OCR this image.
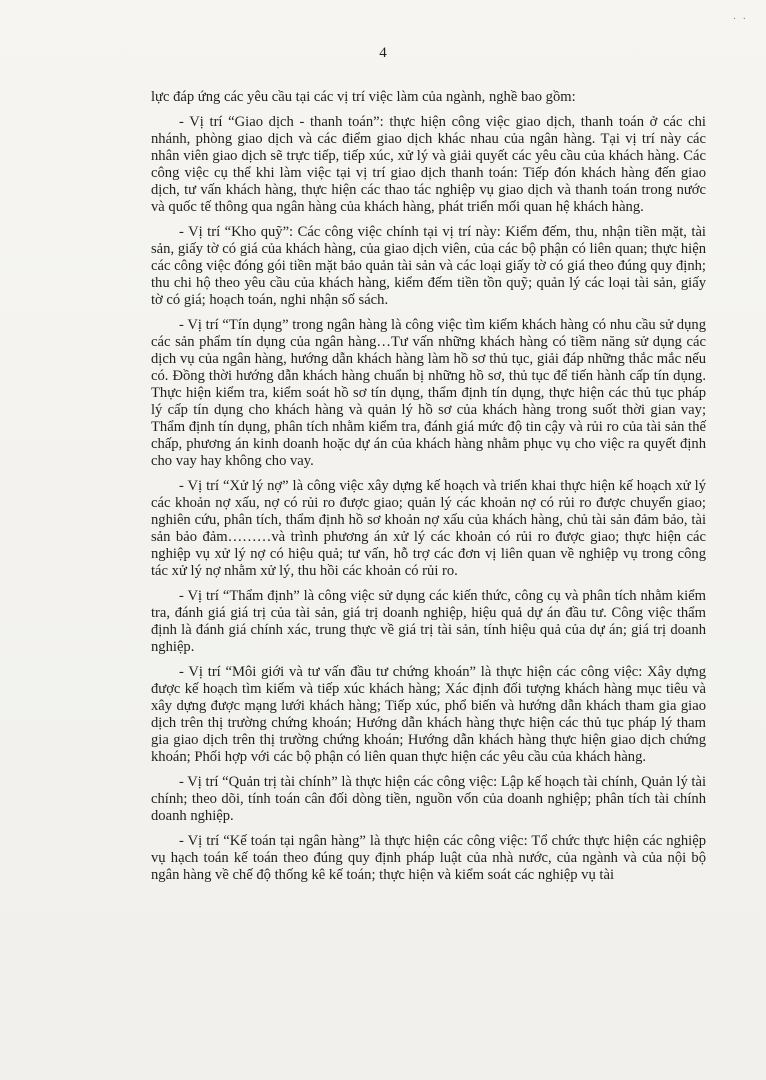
· ·
4

lực đáp ứng các yêu cầu tại các vị trí việc làm của ngành, nghề bao gồm:

- Vị trí “Giao dịch - thanh toán”: thực hiện công việc giao dịch, thanh toán ở các chi nhánh, phòng giao dịch và các điểm giao dịch khác nhau của ngân hàng. Tại vị trí này các nhân viên giao dịch sẽ trực tiếp, tiếp xúc, xử lý và giải quyết các yêu cầu của khách hàng. Các công việc cụ thể khi làm việc tại vị trí giao dịch thanh toán: Tiếp đón khách hàng đến giao dịch, tư vấn khách hàng, thực hiện các thao tác nghiệp vụ giao dịch và thanh toán trong nước và quốc tế thông qua ngân hàng của khách hàng, phát triển mối quan hệ khách hàng.

- Vị trí “Kho quỹ”: Các công việc chính tại vị trí này: Kiểm đếm, thu, nhận tiền mặt, tài sản, giấy tờ có giá của khách hàng, của giao dịch viên, của các bộ phận có liên quan; thực hiện các công việc đóng gói tiền mặt bảo quản tài sản và các loại giấy tờ có giá theo đúng quy định; thu chi hộ theo yêu cầu của khách hàng, kiểm đếm tiền tồn quỹ; quản lý các loại tài sản, giấy tờ có giá; hoạch toán, nghi nhận số sách.

- Vị trí “Tín dụng” trong ngân hàng là công việc tìm kiếm khách hàng có nhu cầu sử dụng các sản phẩm tín dụng của ngân hàng…Tư vấn những khách hàng có tiềm năng sử dụng các dịch vụ của ngân hàng, hướng dẫn khách hàng làm hồ sơ thủ tục, giải đáp những thắc mắc nếu có. Đồng thời hướng dẫn khách hàng chuẩn bị những hồ sơ, thủ tục để tiến hành cấp tín dụng. Thực hiện kiểm tra, kiểm soát hồ sơ tín dụng, thẩm định tín dụng, thực hiện các thủ tục pháp lý cấp tín dụng cho khách hàng và quản lý hồ sơ của khách hàng trong suốt thời gian vay; Thẩm định tín dụng, phân tích nhằm kiểm tra, đánh giá mức độ tin cậy và rủi ro của tài sản thế chấp, phương án kinh doanh hoặc dự án của khách hàng nhằm phục vụ cho việc ra quyết định cho vay hay không cho vay.

- Vị trí “Xử lý nợ” là công việc xây dựng kế hoạch và triển khai thực hiện kế hoạch xử lý các khoản nợ xấu, nợ có rủi ro được giao; quản lý các khoản nợ có rủi ro được chuyển giao; nghiên cứu, phân tích, thẩm định hồ sơ khoản nợ xấu của khách hàng, chủ tài sản đảm bảo, tài sản bảo đảm………và trình phương án xử lý các khoản có rủi ro được giao; thực hiện các nghiệp vụ xử lý nợ có hiệu quả; tư vấn, hỗ trợ các đơn vị liên quan về nghiệp vụ trong công tác xử lý nợ nhằm xử lý, thu hồi các khoản có rủi ro.

- Vị trí “Thẩm định” là công việc sử dụng các kiến thức, công cụ và phân tích nhằm kiểm tra, đánh giá giá trị của tài sản, giá trị doanh nghiệp, hiệu quả dự án đầu tư. Công việc thẩm định là đánh giá chính xác, trung thực về giá trị tài sản, tính hiệu quả của dự án; giá trị doanh nghiệp.

- Vị trí “Môi giới và tư vấn đầu tư chứng khoán” là thực hiện các công việc: Xây dựng được kế hoạch tìm kiếm và tiếp xúc khách hàng; Xác định đối tượng khách hàng mục tiêu và xây dựng được mạng lưới khách hàng; Tiếp xúc, phổ biến và hướng dẫn khách tham gia giao dịch trên thị trường chứng khoán; Hướng dẫn khách hàng thực hiện các thủ tục pháp lý tham gia giao dịch trên thị trường chứng khoán; Hướng dẫn khách hàng thực hiện giao dịch chứng khoán; Phối hợp với các bộ phận có liên quan thực hiện các yêu cầu của khách hàng.

- Vị trí “Quản trị tài chính” là thực hiện các công việc: Lập kế hoạch tài chính, Quản lý tài chính; theo dõi, tính toán cân đối dòng tiền, nguồn vốn của doanh nghiệp; phân tích tài chính doanh nghiệp.

- Vị trí “Kế toán tại ngân hàng” là thực hiện các công việc: Tổ chức thực hiện các nghiệp vụ hạch toán kế toán theo đúng quy định pháp luật của nhà nước, của ngành và của nội bộ ngân hàng về chế độ thống kê kế toán; thực hiện và kiểm soát các nghiệp vụ tài
